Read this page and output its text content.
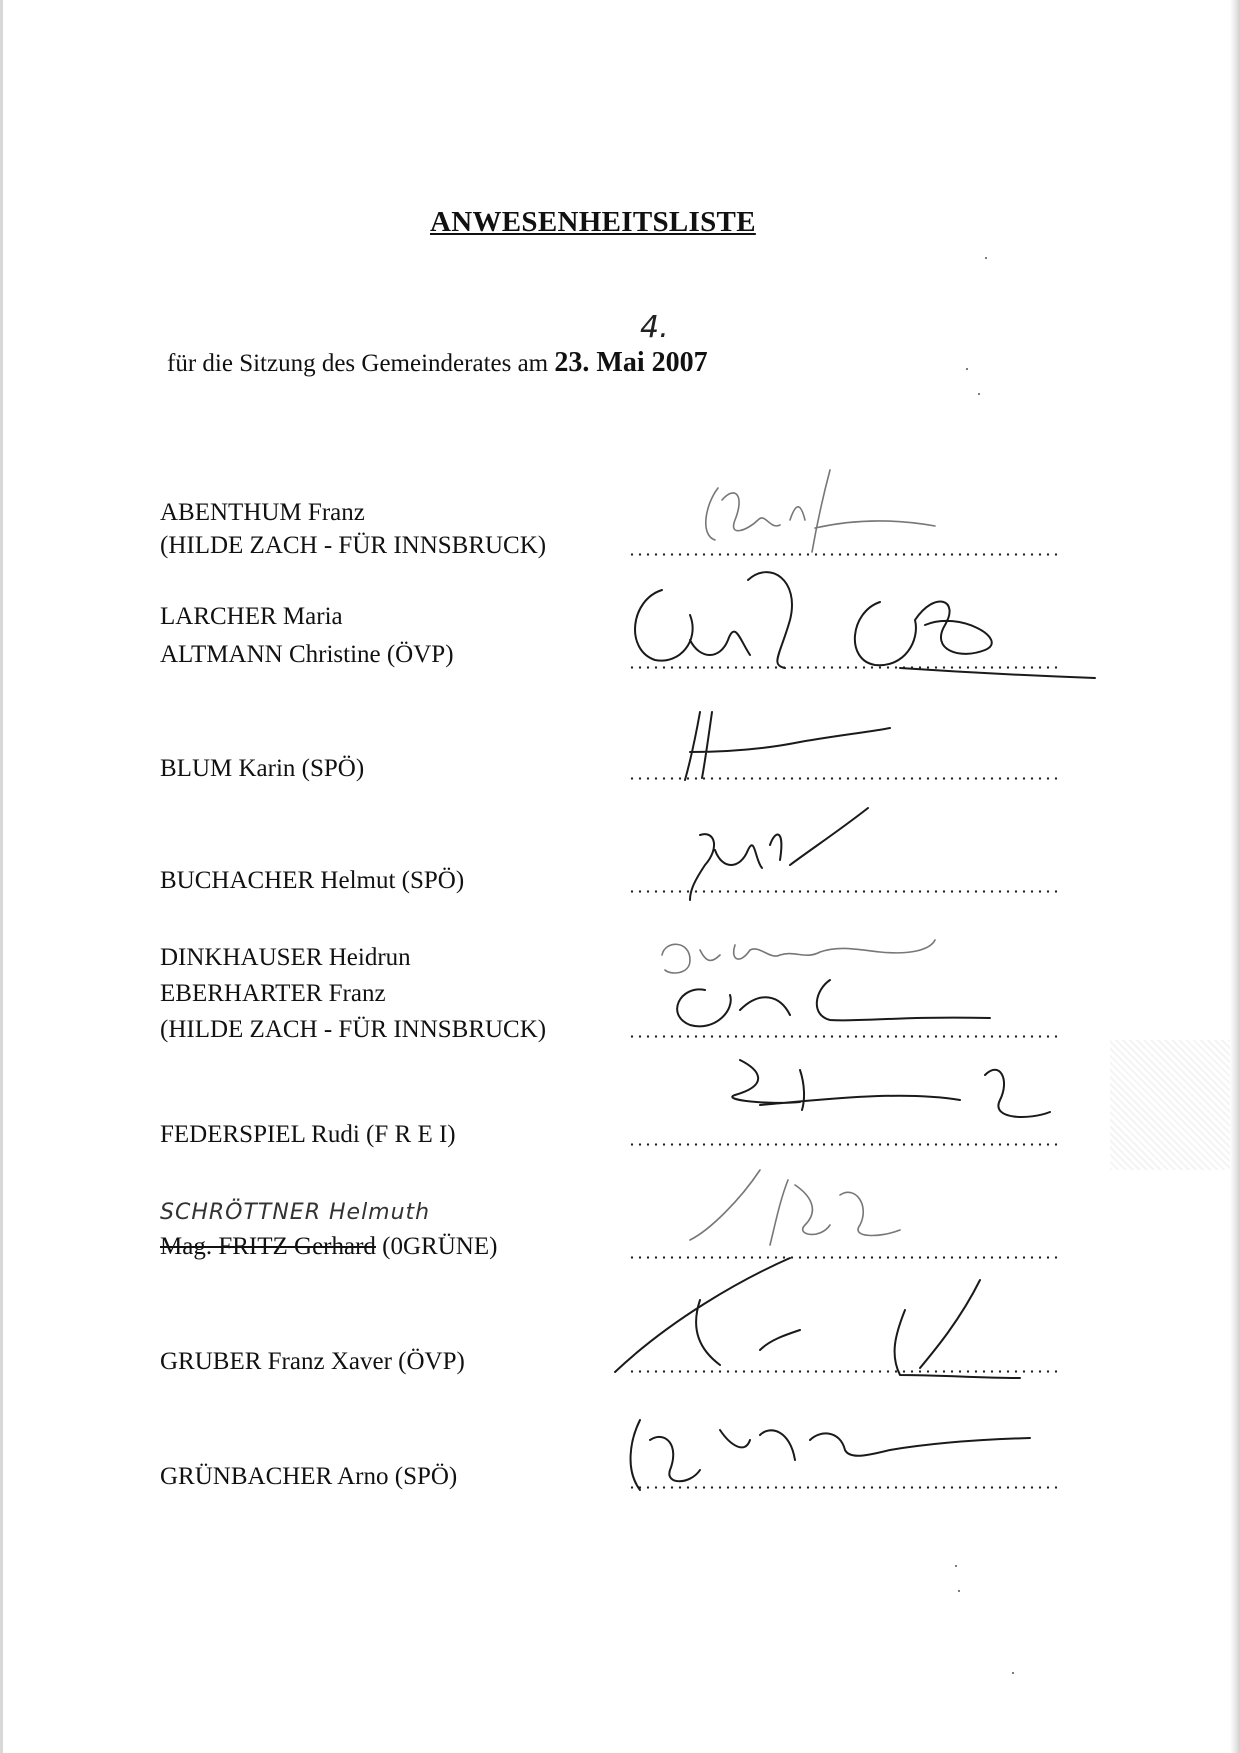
ANWESENHEITSLISTE
für die Sitzung des Gemeinderates am 23. Mai 2007
4.
ABENTHUM Franz
(HILDE ZACH - FÜR INNSBRUCK)
LARCHER Maria
ALTMANN Christine (ÖVP)
BLUM Karin (SPÖ)
BUCHACHER Helmut (SPÖ)
DINKHAUSER Heidrun
EBERHARTER Franz
(HILDE ZACH - FÜR INNSBRUCK)
FEDERSPIEL Rudi (F R E I)
SCHRÖTTNER Helmuth
Mag. FRITZ Gerhard (0GRÜNE)
GRUBER Franz Xaver (ÖVP)
GRÜNBACHER Arno (SPÖ)
